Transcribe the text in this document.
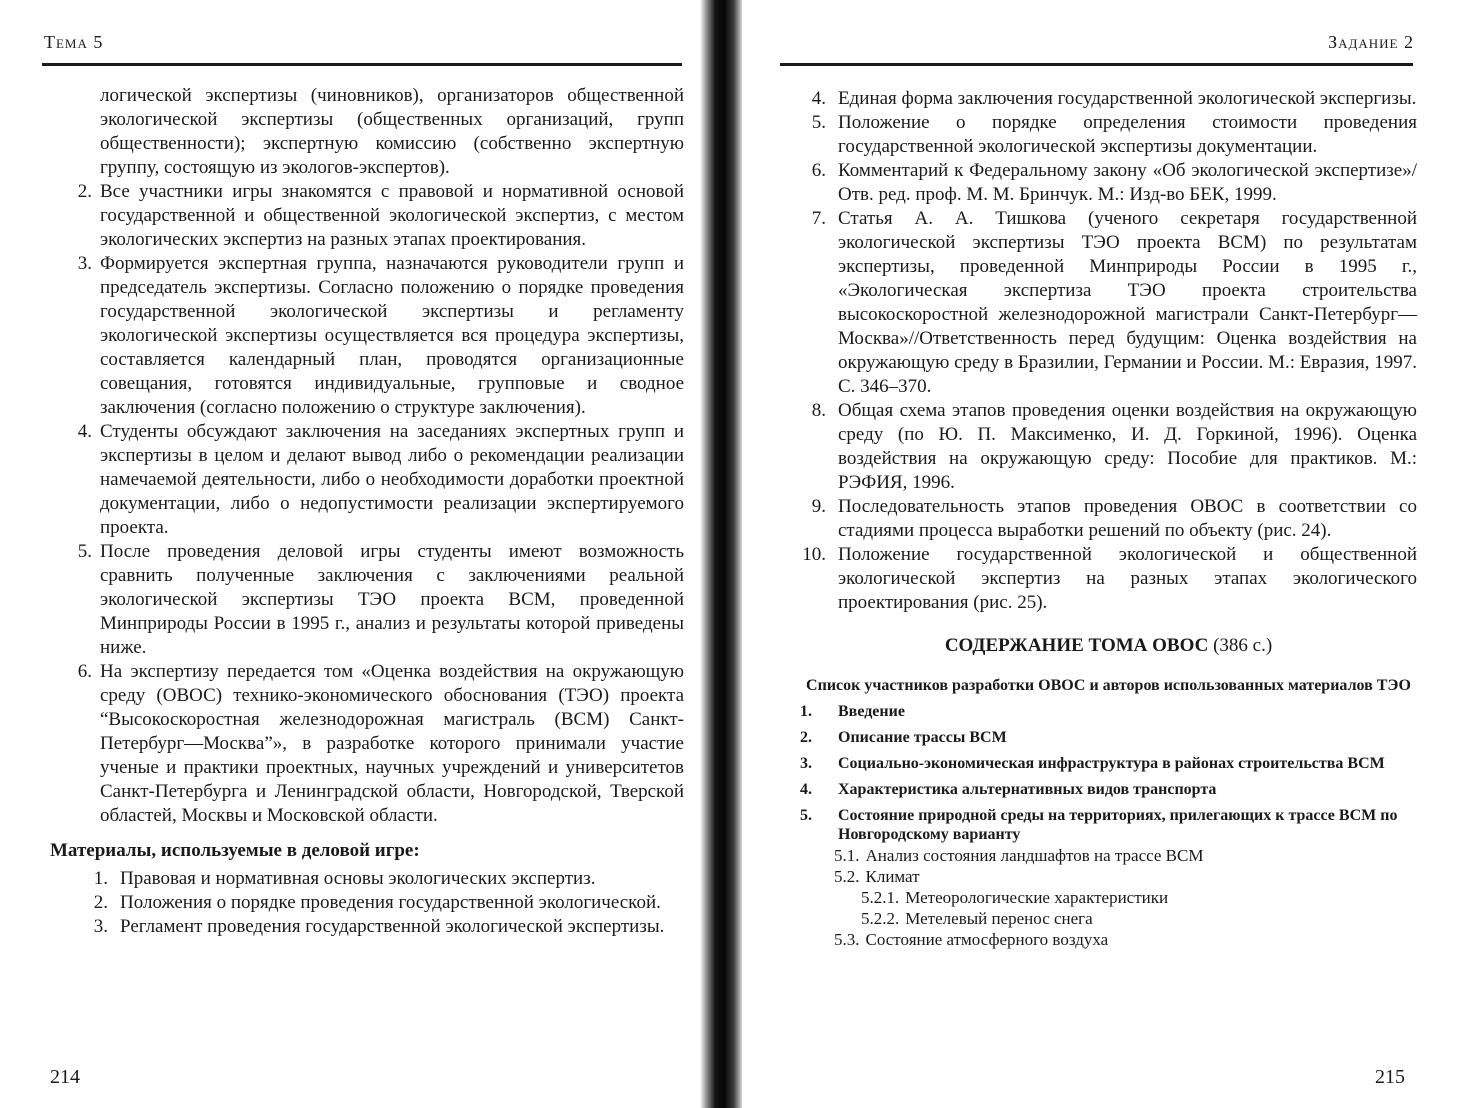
Тема 5

логической экспертизы (чиновников), организаторов общественной экологической экспертизы (общественных организаций, групп общественности); экспертную комиссию (собственно экспертную группу, состоящую из экологов-экспертов).

2. Все участники игры знакомятся с правовой и нормативной основой государственной и общественной экологической экспертиз, с местом экологических экспертиз на разных этапах проектирования.
3. Формируется экспертная группа, назначаются руководители групп и председатель экспертизы. Согласно положению о порядке проведения государственной экологической экспертизы и регламенту экологической экспертизы осуществляется вся процедура экспертизы, составляется календарный план, проводятся организационные совещания, готовятся индивидуальные, групповые и сводное заключения (согласно положению о структуре заключения).
4. Студенты обсуждают заключения на заседаниях экспертных групп и экспертизы в целом и делают вывод либо о рекомендации реализации намечаемой деятельности, либо о необходимости доработки проектной документации, либо о недопустимости реализации экспертируемого проекта.
5. После проведения деловой игры студенты имеют возможность сравнить полученные заключения с заключениями реальной экологической экспертизы ТЭО проекта ВСМ, проведенной Минприроды России в 1995 г., анализ и результаты которой приведены ниже.
6. На экспертизу передается том «Оценка воздействия на окружающую среду (ОВОС) технико-экономического обоснования (ТЭО) проекта “Высокоскоростная железнодорожная магистраль (ВСМ) Санкт-Петербург—Москва”», в разработке которого принимали участие ученые и практики проектных, научных учреждений и университетов Санкт-Петербурга и Ленинградской области, Новгородской, Тверской областей, Москвы и Московской области.
Материалы, используемые в деловой игре:
1. Правовая и нормативная основы экологических экспертиз.
2. Положения о порядке проведения государственной экологической.
3. Регламент проведения государственной экологической экспертизы.
214
Задание 2
4. Единая форма заключения государственной экологической экспергизы.
5. Положение о порядке определения стоимости проведения государственной экологической экспертизы документации.
6. Комментарий к Федеральному закону «Об экологической экспертизе»/Отв. ред. проф. М. М. Бринчук. М.: Изд-во БЕК, 1999.
7. Статья А. А. Тишкова (ученого секретаря государственной экологической экспертизы ТЭО проекта ВСМ) по результатам экспертизы, проведенной Минприроды России в 1995 г., «Экологическая экспертиза ТЭО проекта строительства высокоскоростной железнодорожной магистрали Санкт-Петербург—Москва»//Ответственность перед будущим: Оценка воздействия на окружающую среду в Бразилии, Германии и России. М.: Евразия, 1997. С. 346–370.
8. Общая схема этапов проведения оценки воздействия на окружающую среду (по Ю. П. Максименко, И. Д. Горкиной, 1996). Оценка воздействия на окружающую среду: Пособие для практиков. М.: РЭФИЯ, 1996.
9. Последовательность этапов проведения ОВОС в соответствии со стадиями процесса выработки решений по объекту (рис. 24).
10. Положение государственной экологической и общественной экологической экспертиз на разных этапах экологического проектирования (рис. 25).
СОДЕРЖАНИЕ ТОМА ОВОС (386 с.)
Список участников разработки ОВОС и авторов использованных материалов ТЭО
1.	Введение
2.	Описание трассы ВСМ
3.	Социально-экономическая инфраструктура в районах строительства ВСМ
4.	Характеристика альтернативных видов транспорта
5.	Состояние природной среды на территориях, прилегающих к трассе ВСМ по Новгородскому варианту
5.1. Анализ состояния ландшафтов на трассе ВСМ
5.2. Климат
5.2.1. Метеорологические характеристики
5.2.2. Метелевый перенос снега
5.3. Состояние атмосферного воздуха
215
